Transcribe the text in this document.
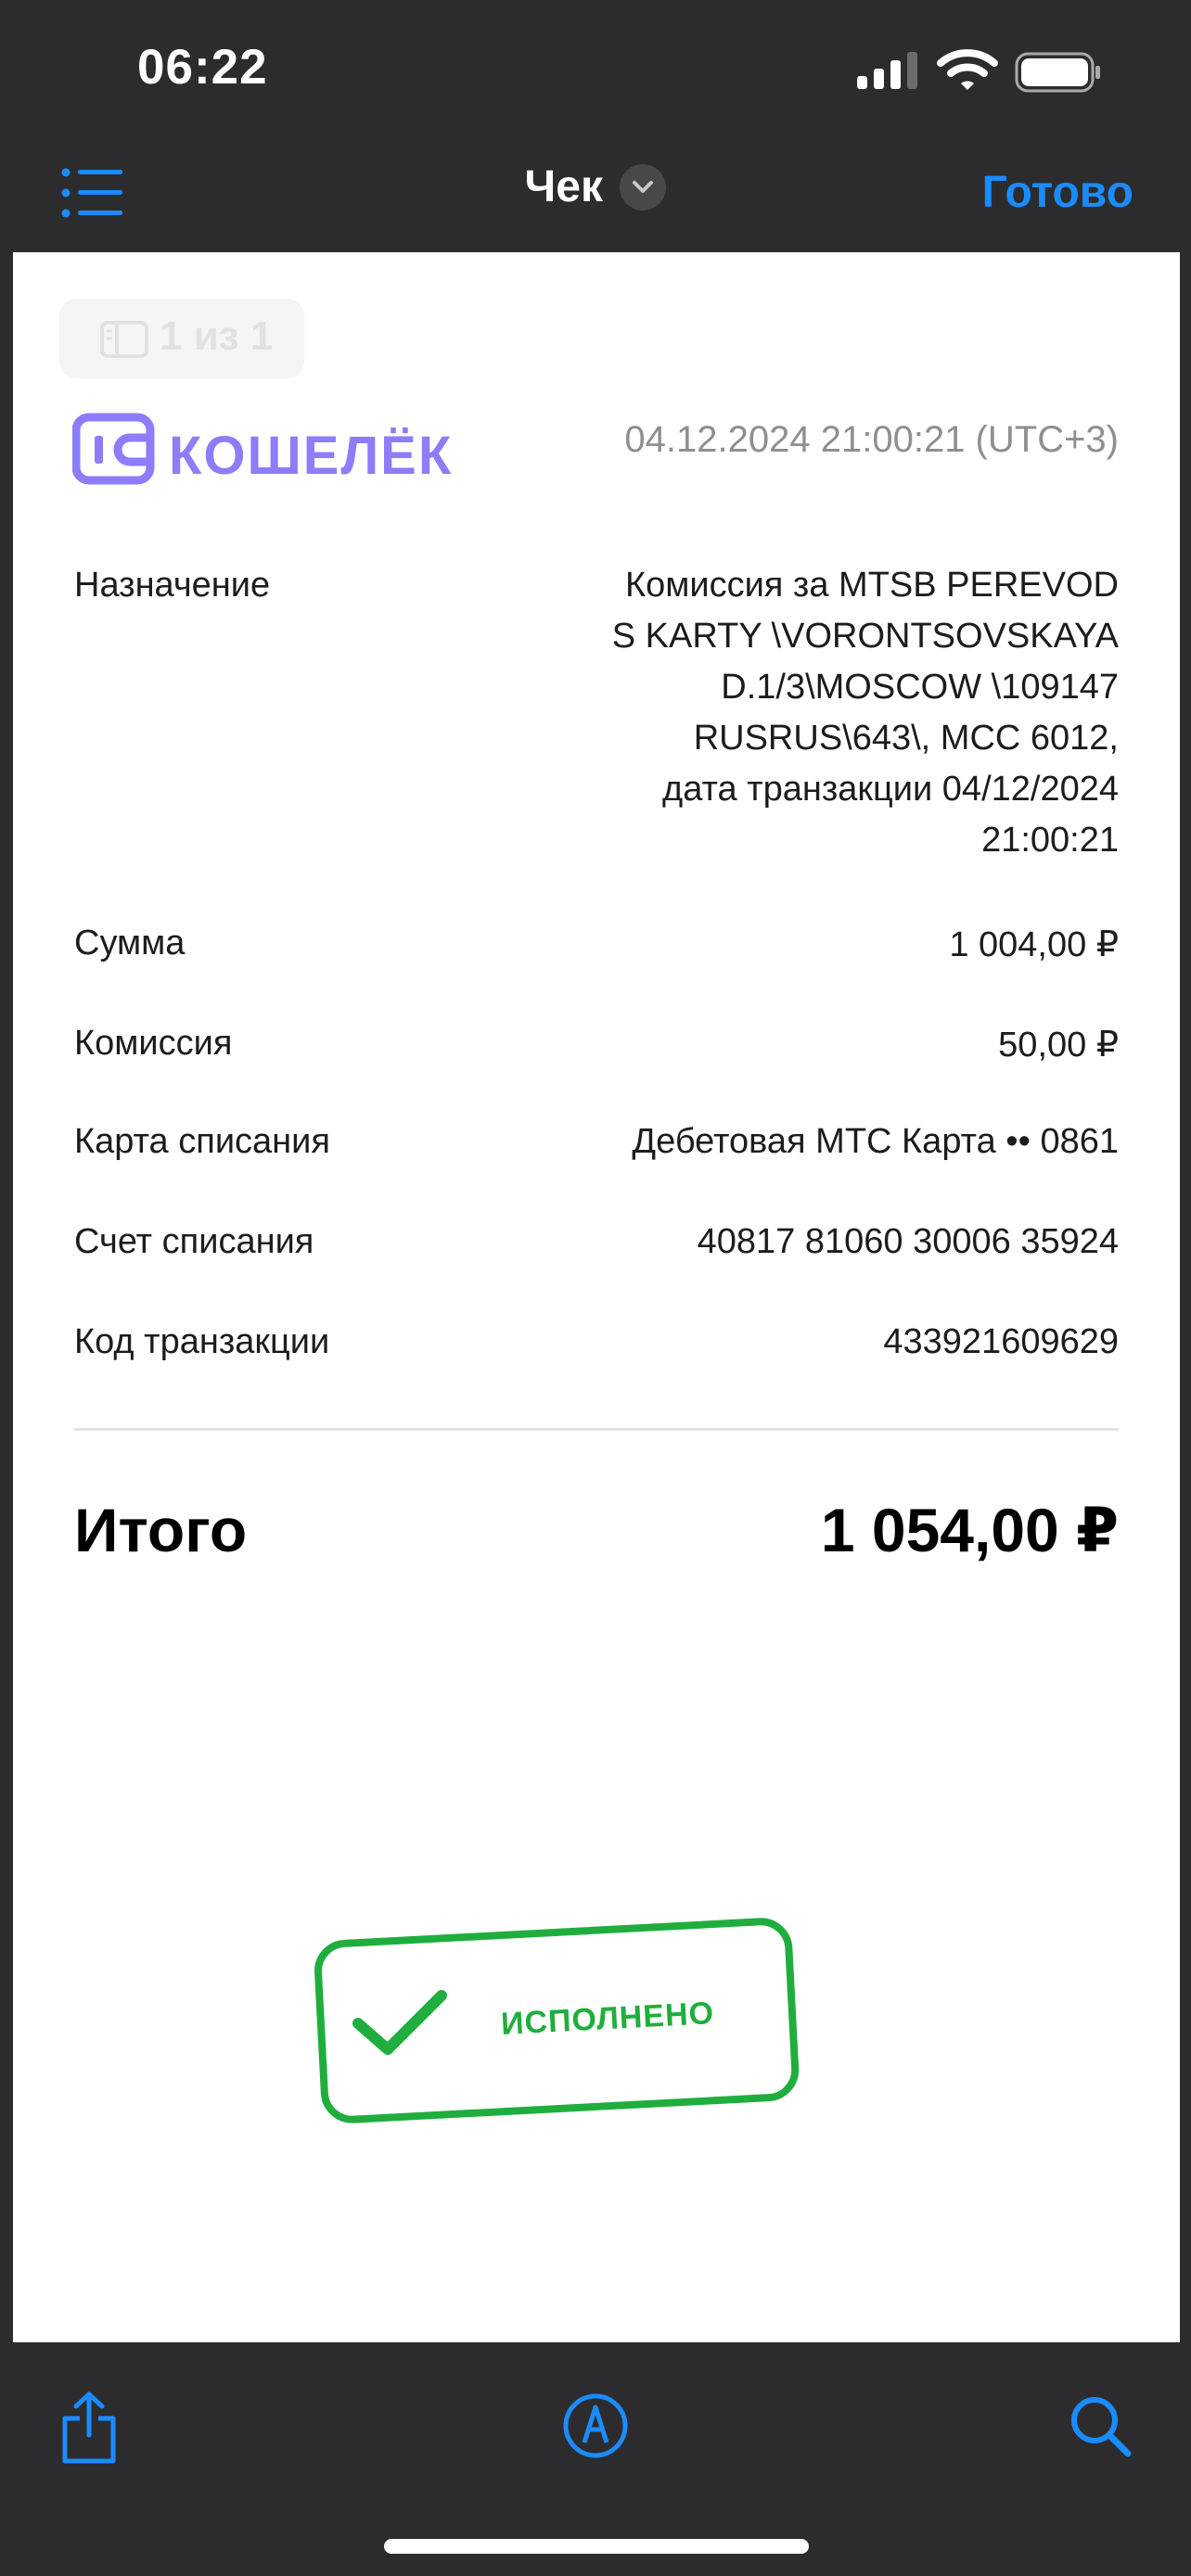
06:22
Чек	Готово
1 из 1
КОШЕЛЁК	04.12.2024 21:00:21 (UTC+3)
Назначение	Комиссия за MTSB PEREVOD
S KARTY \VORONTSOVSKAYA
D.1/3\MOSCOW \109147
RUSRUS\643\, MCC 6012,
дата транзакции 04/12/2024
21:00:21
Сумма	1 004,00 ₽
Комиссия	50,00 ₽
Карта списания	Дебетовая МТС Карта •• 0861
Счет списания	40817 81060 30006 35924
Код транзакции	433921609629
Итого	1 054,00 ₽
ИСПОЛНЕНО
